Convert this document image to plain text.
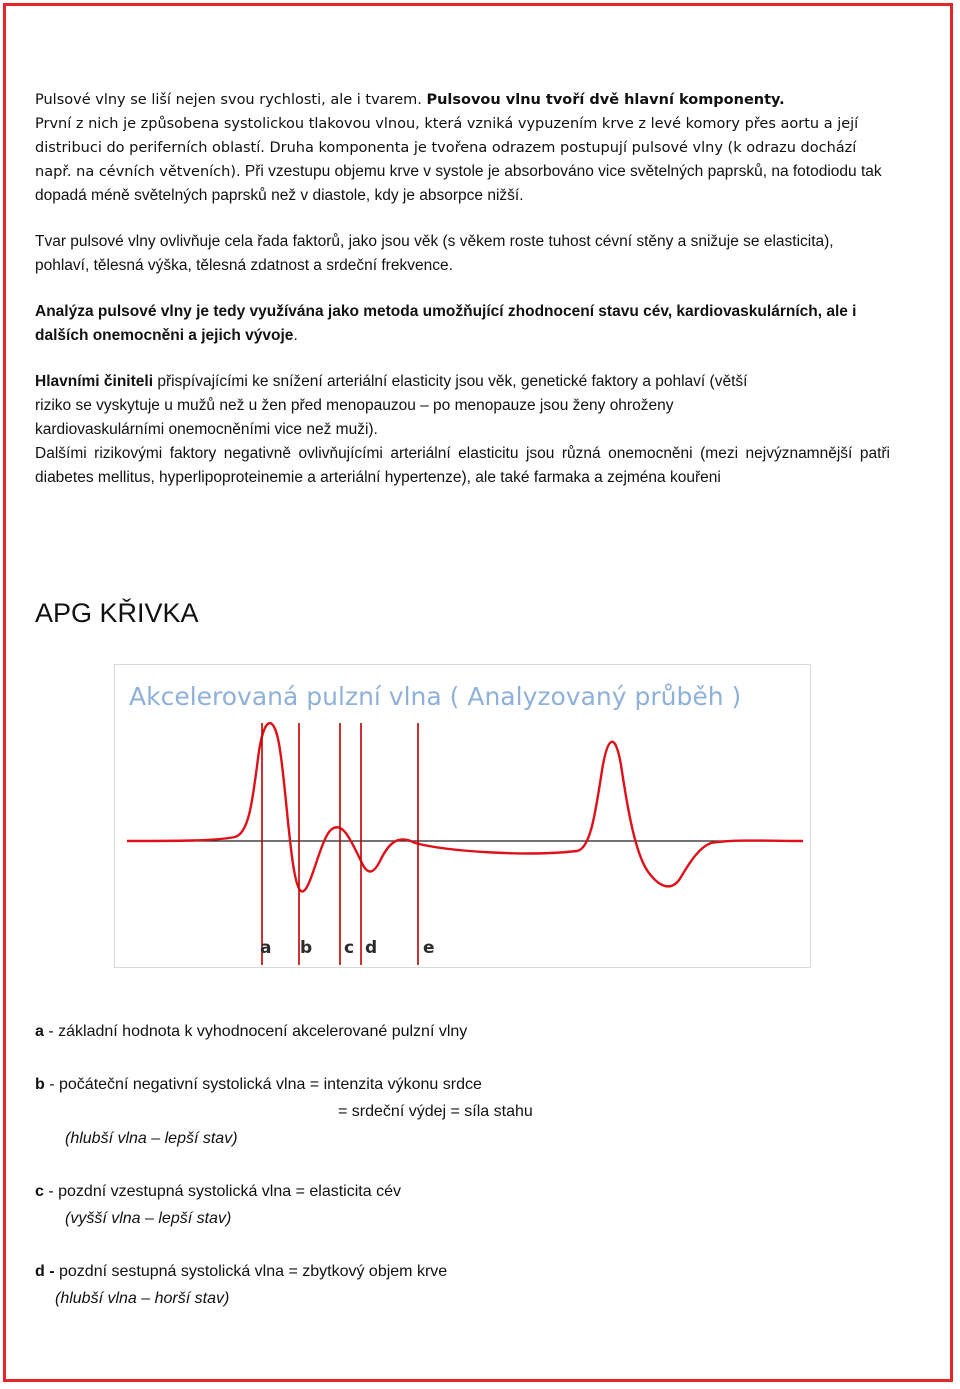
Pulsové vlny se liší nejen svou rychlosti, ale i tvarem. Pulsovou vlnu tvoří dvě hlavní komponenty.
První z nich je způsobena systolickou tlakovou vlnou, která vzniká vypuzením krve z levé komory přes aortu a její distribuci do periferních oblastí. Druha komponenta je tvořena odrazem postupují pulsové vlny (k odrazu dochází např. na cévních větveních). Při vzestupu objemu krve v systole je absorbováno vice světelných paprsků, na fotodiodu tak dopadá méně světelných paprsků než v diastole, kdy je absorpce nižší.

Tvar pulsové vlny ovlivňuje cela řada faktorů, jako jsou věk (s věkem roste tuhost cévní stěny a snižuje se elasticita),
pohlaví, tělesná výška, tělesná zdatnost a srdeční frekvence.

Analýza pulsové vlny je tedy využívána jako metoda umožňující zhodnocení stavu cév, kardiovaskulárních, ale i dalších onemocněni a jejich vývoje.

Hlavními činiteli přispívajícími ke snížení arteriální elasticity jsou věk, genetické faktory a pohlaví (větší
riziko se vyskytuje u mužů než u žen před menopauzou – po menopauze jsou ženy ohroženy
kardiovaskulárními onemocněními vice než muži).

Dalšími rizikovými faktory negativně ovlivňujícími arteriální elasticitu jsou různá onemocněni (mezi nejvýznamnější patři diabetes mellitus, hyperlipoproteinemie a arteriální hypertenze), ale také farmaka a zejména kouřeni

APG KŘIVKA
Akcelerovaná pulzní vlna ( Analyzovaný průběh )
a b c d	e
a - základní hodnota k vyhodnocení akcelerované pulzní vlny
b - počáteční negativní systolická vlna = intenzita výkonu srdce
= srdeční výdej = síla stahu
(hlubší vlna – lepší stav)
c - pozdní vzestupná systolická vlna = elasticita cév
(vyšší vlna – lepší stav)
d - pozdní sestupná systolická vlna = zbytkový objem krve
(hlubší vlna – horší stav)
